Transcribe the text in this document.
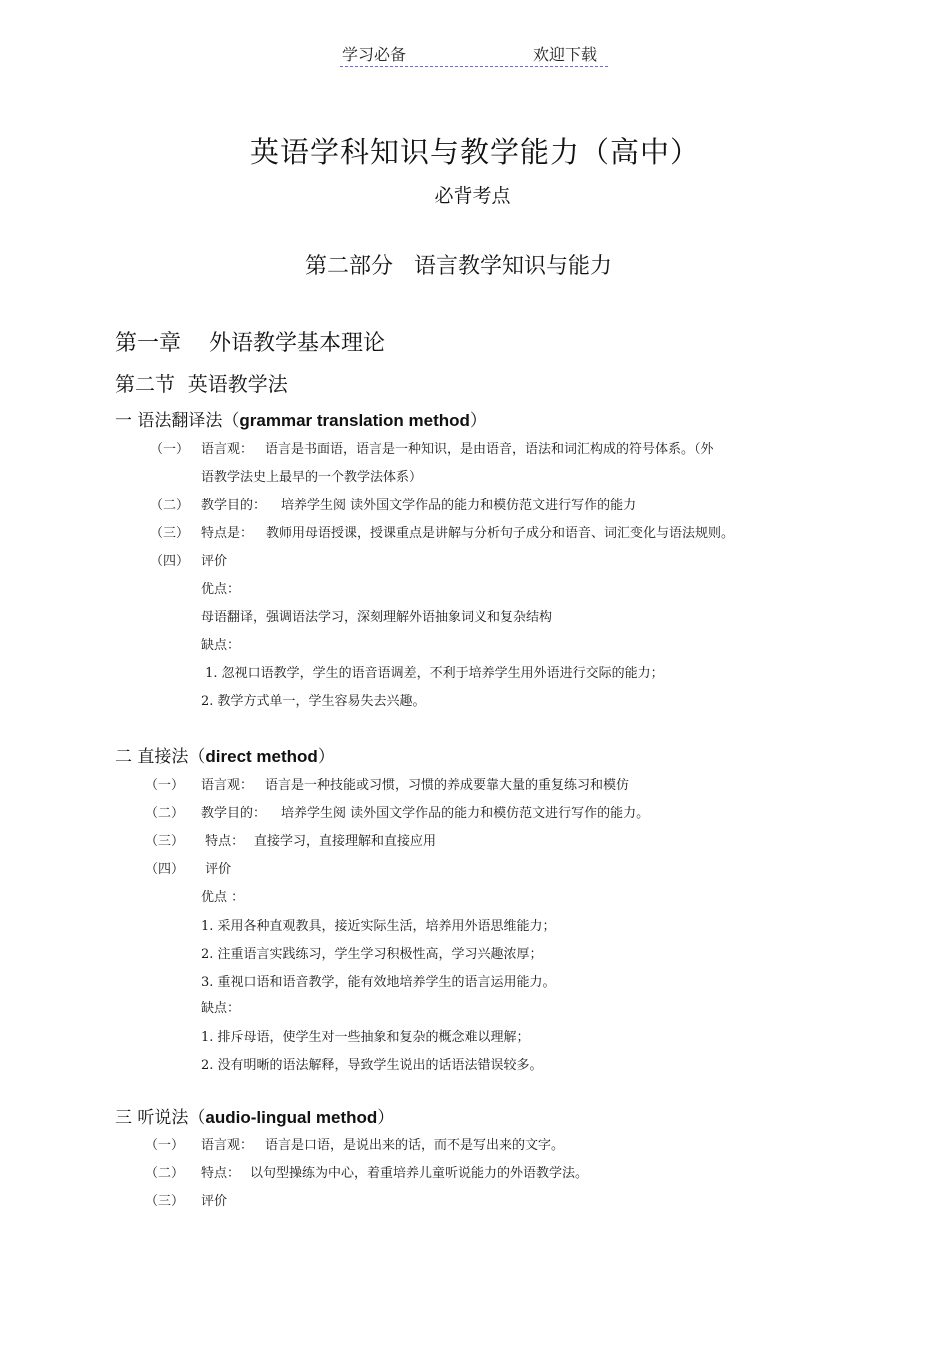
学习必备	欢迎下载
英语学科知识与教学能力（高中）
必背考点
第二部分   语言教学知识与能力
第一章    外语教学基本理论
第二节  英语教学法
一 语法翻译法（grammar translation method）
（一） 语言观： 语言是书面语，语言是一种知识，是由语音，语法和词汇构成的符号体系。（外
语教学法史上最早的一个教学法体系）
（二） 教学目的： 培养学生阅 读外国文学作品的能力和模仿范文进行写作的能力
（三） 特点是： 教师用母语授课，授课重点是讲解与分析句子成分和语音、词汇变化与语法规则。
（四） 评价
优点：
母语翻译，强调语法学习，深刻理解外语抽象词义和复杂结构
缺点：
1. 忽视口语教学，学生的语音语调差，不利于培养学生用外语进行交际的能力；
2. 教学方式单一，学生容易失去兴趣。
二 直接法（direct method）
（一） 语言观： 语言是一种技能或习惯，习惯的养成要靠大量的重复练习和模仿
（二） 教学目的： 培养学生阅 读外国文学作品的能力和模仿范文进行写作的能力。
（三） 特点： 直接学习，直接理解和直接应用
（四） 评价
优点 ：
1. 采用各种直观教具，接近实际生活，培养用外语思维能力；
2. 注重语言实践练习，学生学习积极性高，学习兴趣浓厚；
3. 重视口语和语音教学，能有效地培养学生的语言运用能力。
缺点：
1. 排斥母语，使学生对一些抽象和复杂的概念难以理解；
2. 没有明晰的语法解释，导致学生说出的话语法错误较多。
三 听说法（audio-lingual method）
（一） 语言观： 语言是口语，是说出来的话，而不是写出来的文字。
（二） 特点： 以句型操练为中心，着重培养儿童听说能力的外语教学法。
（三） 评价
